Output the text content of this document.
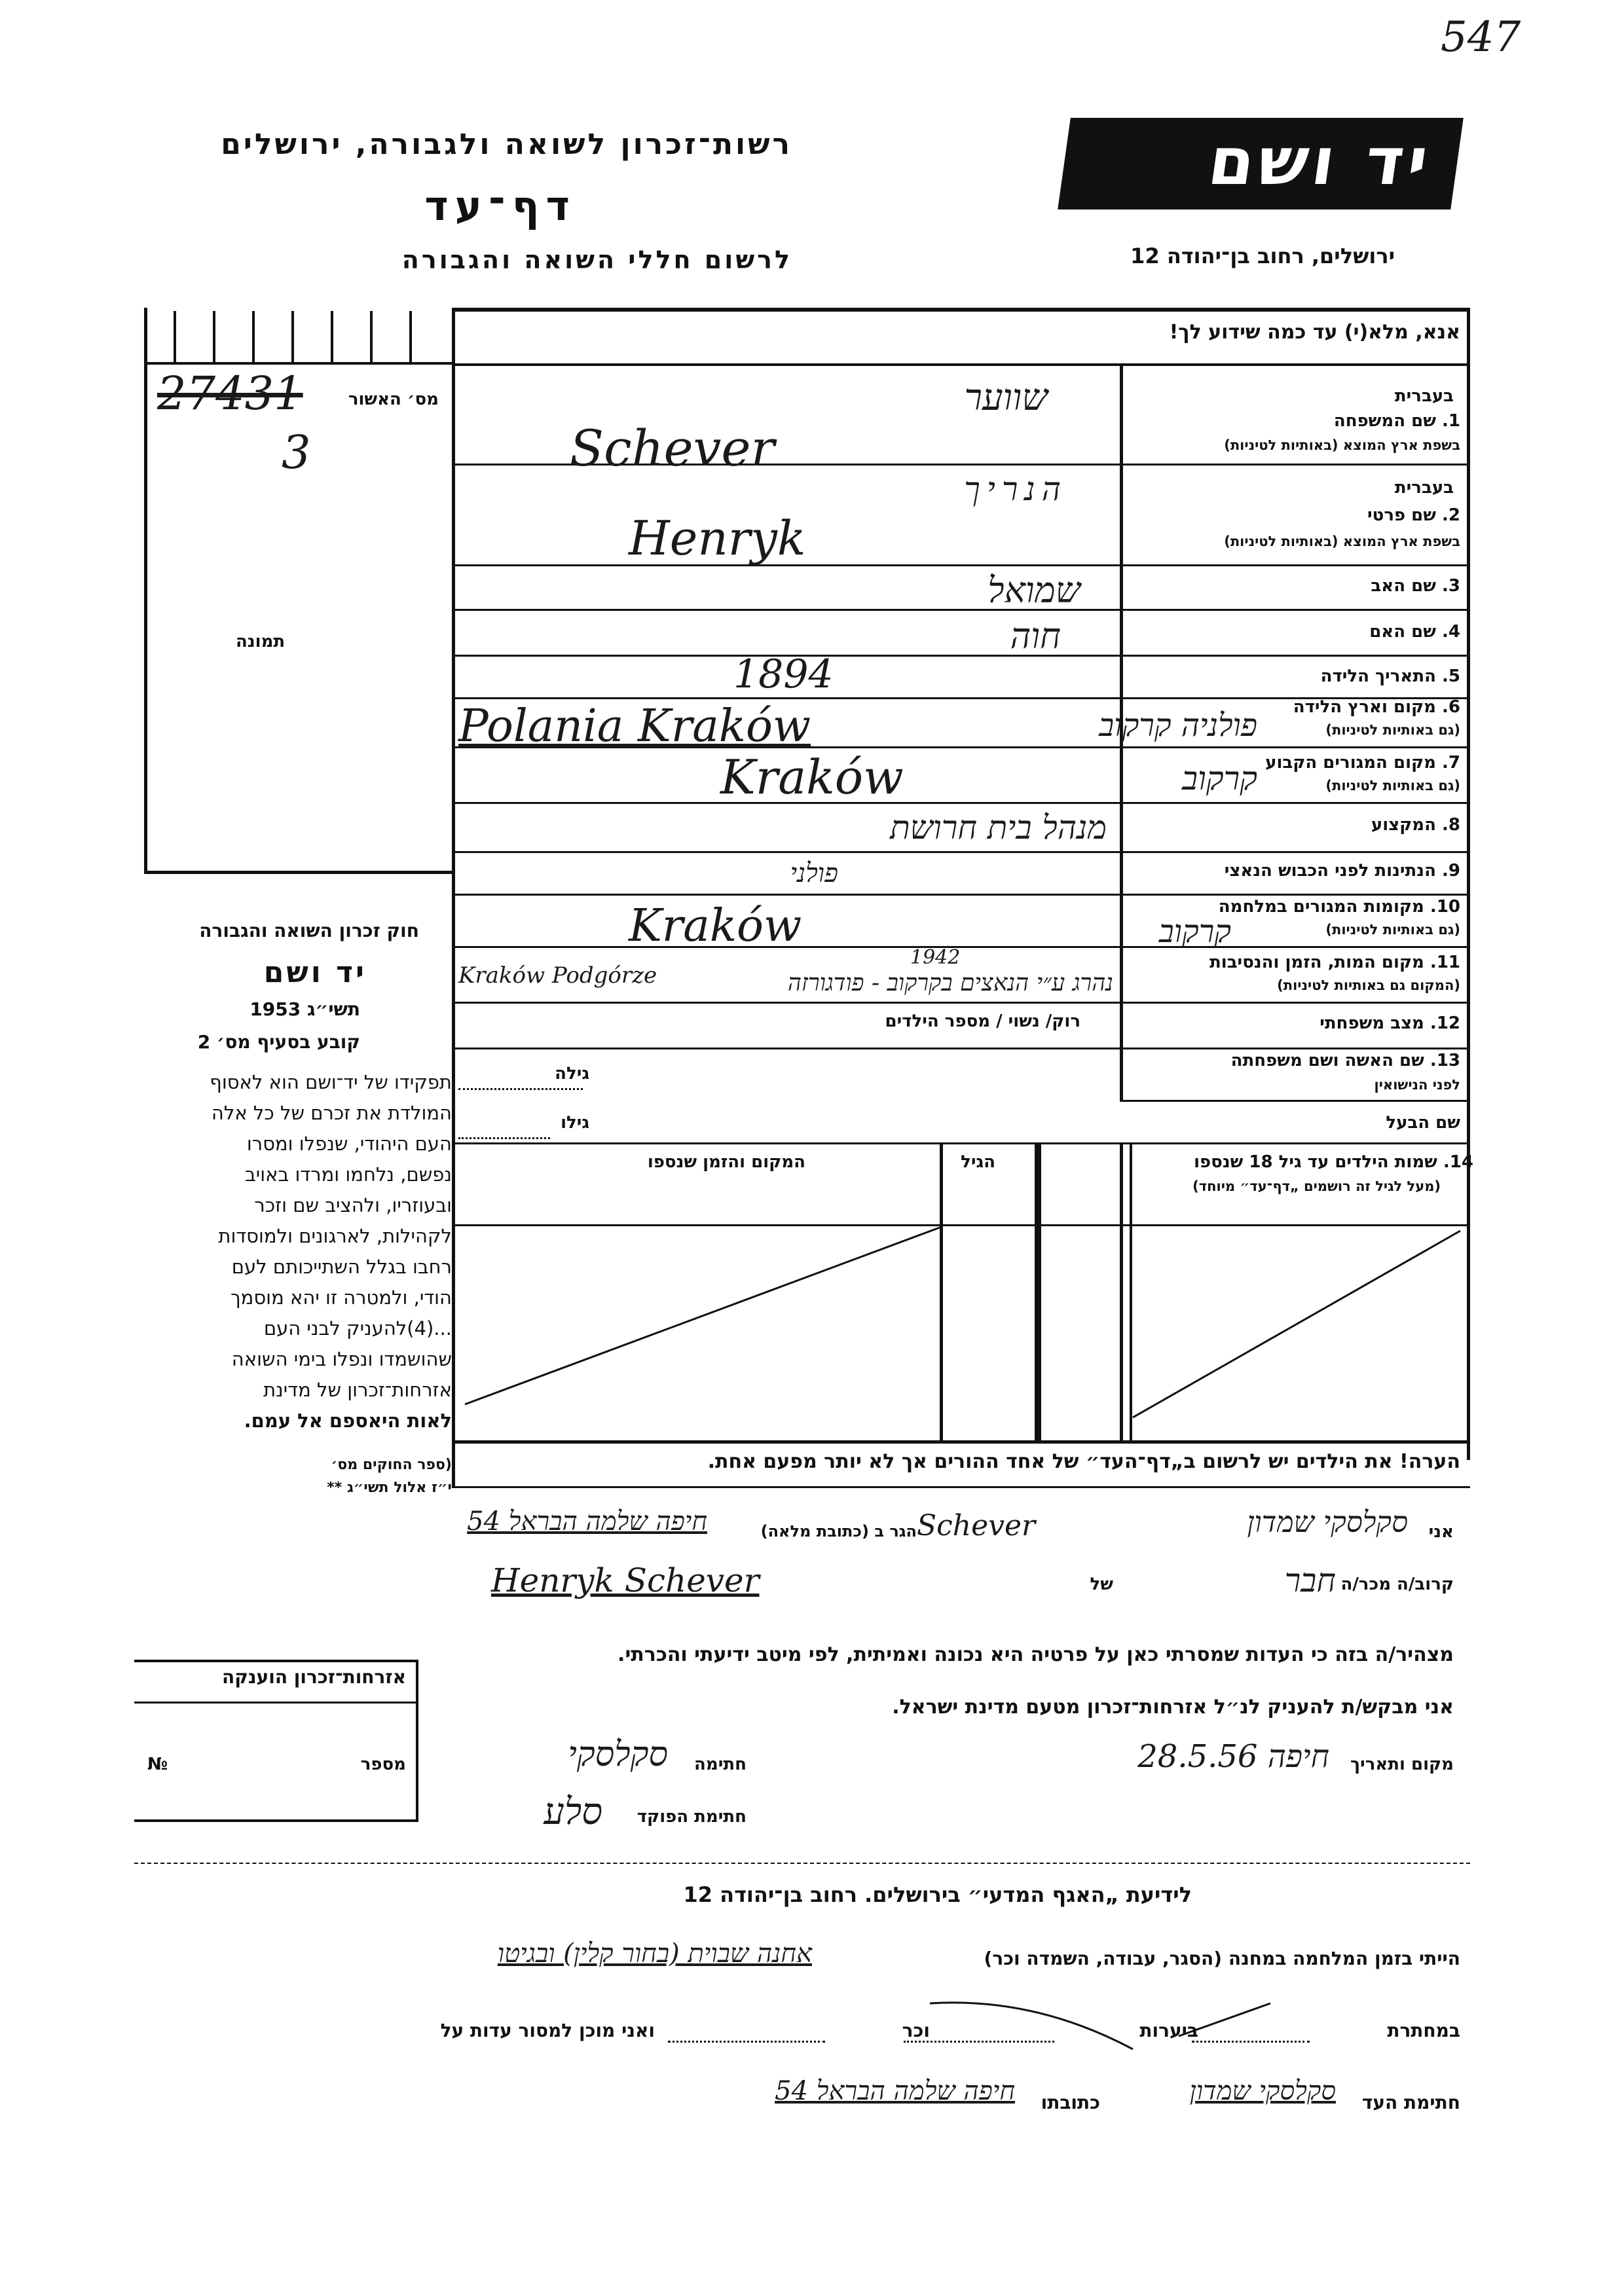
547
יד ושם
רשות־זכרון לשואה ולגבורה, ירושלים
דף־עד
לרשום חללי השואה והגבורה	ירושלים, רחוב בן־יהודה 12
מס׳ האשור
27431
3
תמונה
אנא, מלא(י) עד כמה שידוע לך!
בעברית
1. שם המשפחה
בשפת ארץ המוצא (באותיות לטיניות)
שווער
Schever
בעברית
2. שם פרטי
בשפת ארץ המוצא (באותיות לטיניות)
הנריך
Henryk
3. שם האב
שמואל
4. שם האם
חוה
5. התאריך הלידה
1894
6. מקום וארץ הלידה
(גם באותיות לטיניות)
Polania Kraków	פולניה קרקוב
7. מקום המגורים הקבוע
(גם באותיות לטיניות)
Kraków	קרקוב
8. המקצוע
מנהל בית חרושת
9. הנתינות לפני הכבוש הנאצי
פולני
10. מקומות המגורים במלחמה
(גם באותיות לטיניות)
Kraków	קרקוב
11. מקום המות, הזמן והנסיבות
(המקום גם באותיות לטיניות)
Kraków Podgórze
1942
נהרג ע״י הנאצים בקרקוב - פודגורזה
12. מצב משפחתי
רוק/ נשוי / מספר הילדים
13. שם האשה ושם משפחתה
לפני הנישואין
גילה
שם הבעל
גילו
14. שמות הילדים עד גיל 18 שנספו
(מעל לגיל זה רושמים „דף־עד״ מיוחד)
הגיל
המקום והזמן שנספו
הערה! את הילדים יש לרשום ב„דף־העד״ של אחד ההורים אך לא יותר מפעם אחת.
אני
סקלסקי שמדון
Schever
הגר ב (כתובת מלאה)
חיפה שלמה הבראל 54
קרוב/ה מכר/ה
חבר
של
Henryk Schever
מצהיר/ה בזה כי העדות שמסרתי כאן על פרטיה היא נכונה ואמיתית, לפי מיטב ידיעתי והכרתי.
אני מבקש/ת להעניק לנ״ל אזרחות־זכרון מטעם מדינת ישראל.
מקום ותאריך
חיפה 28.5.56
חתימה
סקלסקי
חתימת הפוקד
סלע
חוק זכרון השואה והגבורה
יד ושם
תשי״ג 1953
קובע בסעיף מס׳ 2
תפקידו של יד־ושם הוא לאסוף
המולדת את זכרם של כל אלה
העם היהודי, שנפלו ומסרו
נפשם, נלחמו ומרדו באויב
ובעוזריו, ולהציב שם וזכר
לקהילות, לארגונים ולמוסדות
רחבו בגלל השתייכותם לעם
הודי, ולמטרה זו יהא מוסמך
...(4)להעניק לבני העם
שהושמדו ונפלו בימי השואה
אזרחות־זכרון של מדינת
לאות היאספם אל עמם.
(ספר החוקים מס׳
י״ז אלול תשי״ג **
אזרחות־זכרון הוענקה
מספר
№
לידיעת „האגף המדעי״ בירושלים. רחוב בן־יהודה 12
הייתי בזמן המלחמה במחנה (הסגר, עבודה, השמדה וכר)
אחנה שבוית (בחור קלין) ובגיטו
במחתרת
ביערות
וכר
ואני מוכן למסור עדות על
חתימת העד
סקלסקי שמדון
כתובתו
חיפה שלמה הבראל 54
